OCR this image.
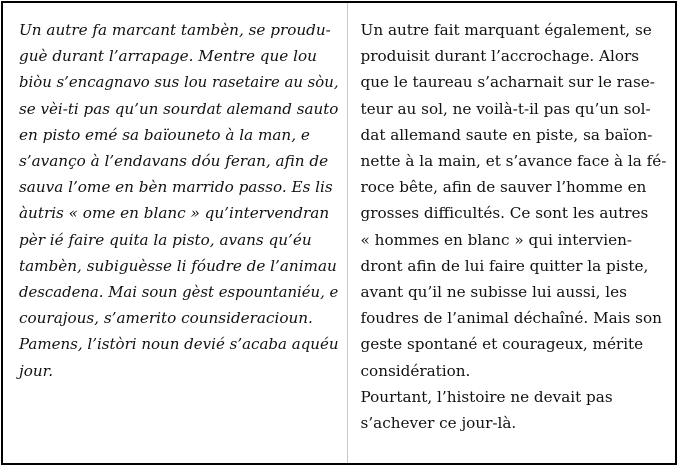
Un autre fa marcant tambèn, se proudu-
guè durant l’arrapage. Mentre que lou
biòu s’encagnavo sus lou rasetaire au sòu,
se vèi-ti pas qu’un sourdat alemand sauto
en pisto emé sa baïouneto à la man, e
s’avanço à l’endavans dóu feran, afin de
sauva l’ome en bèn marrido passo. Es lis
àutris « ome en blanc » qu’intervendran
pèr ié faire quita la pisto, avans qu’éu
tambèn, subiguèsse li fóudre de l’animau
descadena. Mai soun gèst espountaniéu, e
courajous, s’amerito counsideracioun.
Pamens, l’istòri noun devié s’acaba aquéu
jour.
Un autre fait marquant également, se
produisit durant l’accrochage. Alors
que le taureau s’acharnait sur le rase-
teur au sol, ne voilà-t-il pas qu’un sol-
dat allemand saute en piste, sa baïon-
nette à la main, et s’avance face à la fé-
roce bête, afin de sauver l’homme en
grosses difficultés. Ce sont les autres
« hommes en blanc » qui intervien-
dront afin de lui faire quitter la piste,
avant qu’il ne subisse lui aussi, les
foudres de l’animal déchaîné. Mais son
geste spontané et courageux, mérite
considération.
Pourtant, l’histoire ne devait pas
s’achever ce jour-là.
